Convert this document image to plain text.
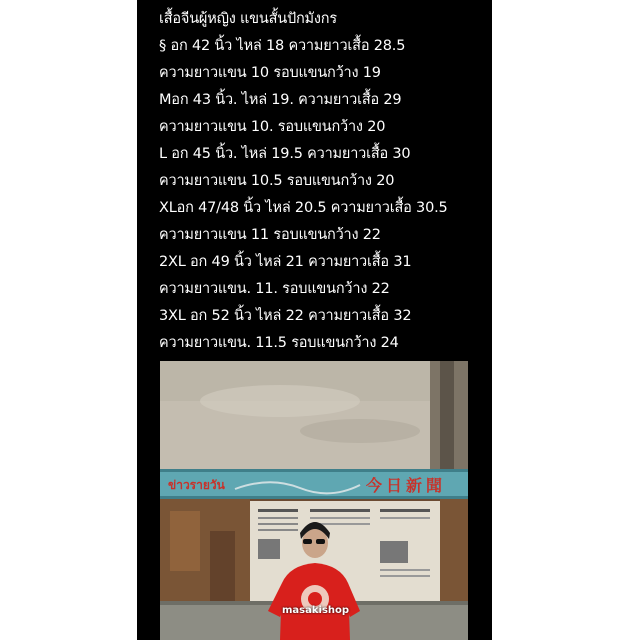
เสื้อจีนผู้หญิง แขนสั้นปักมังกร
§ อก 42 นิ้ว ไหล่ 18 ความยาวเสื้อ 28.5
ความยาวแขน 10 รอบแขนกว้าง 19
Mอก 43 นิ้ว. ไหล่ 19. ความยาวเสื้อ 29
ความยาวแขน 10. รอบแขนกว้าง 20
L อก 45 นิ้ว. ไหล่ 19.5 ความยาวเสื้อ 30
ความยาวแขน 10.5 รอบแขนกว้าง 20
XLอก 47/48 นิ้ว ไหล่ 20.5 ความยาวเสื้อ 30.5
ความยาวแขน 11 รอบแขนกว้าง 22
2XL อก 49 นิ้ว ไหล่ 21 ความยาวเสื้อ 31
ความยาวแขน. 11. รอบแขนกว้าง 22
3XL อก 52 นิ้ว ไหล่ 22 ความยาวเสื้อ 32
ความยาวแขน. 11.5 รอบแขนกว้าง 24
ข่าวรายวัน	今日新聞
masakishop
